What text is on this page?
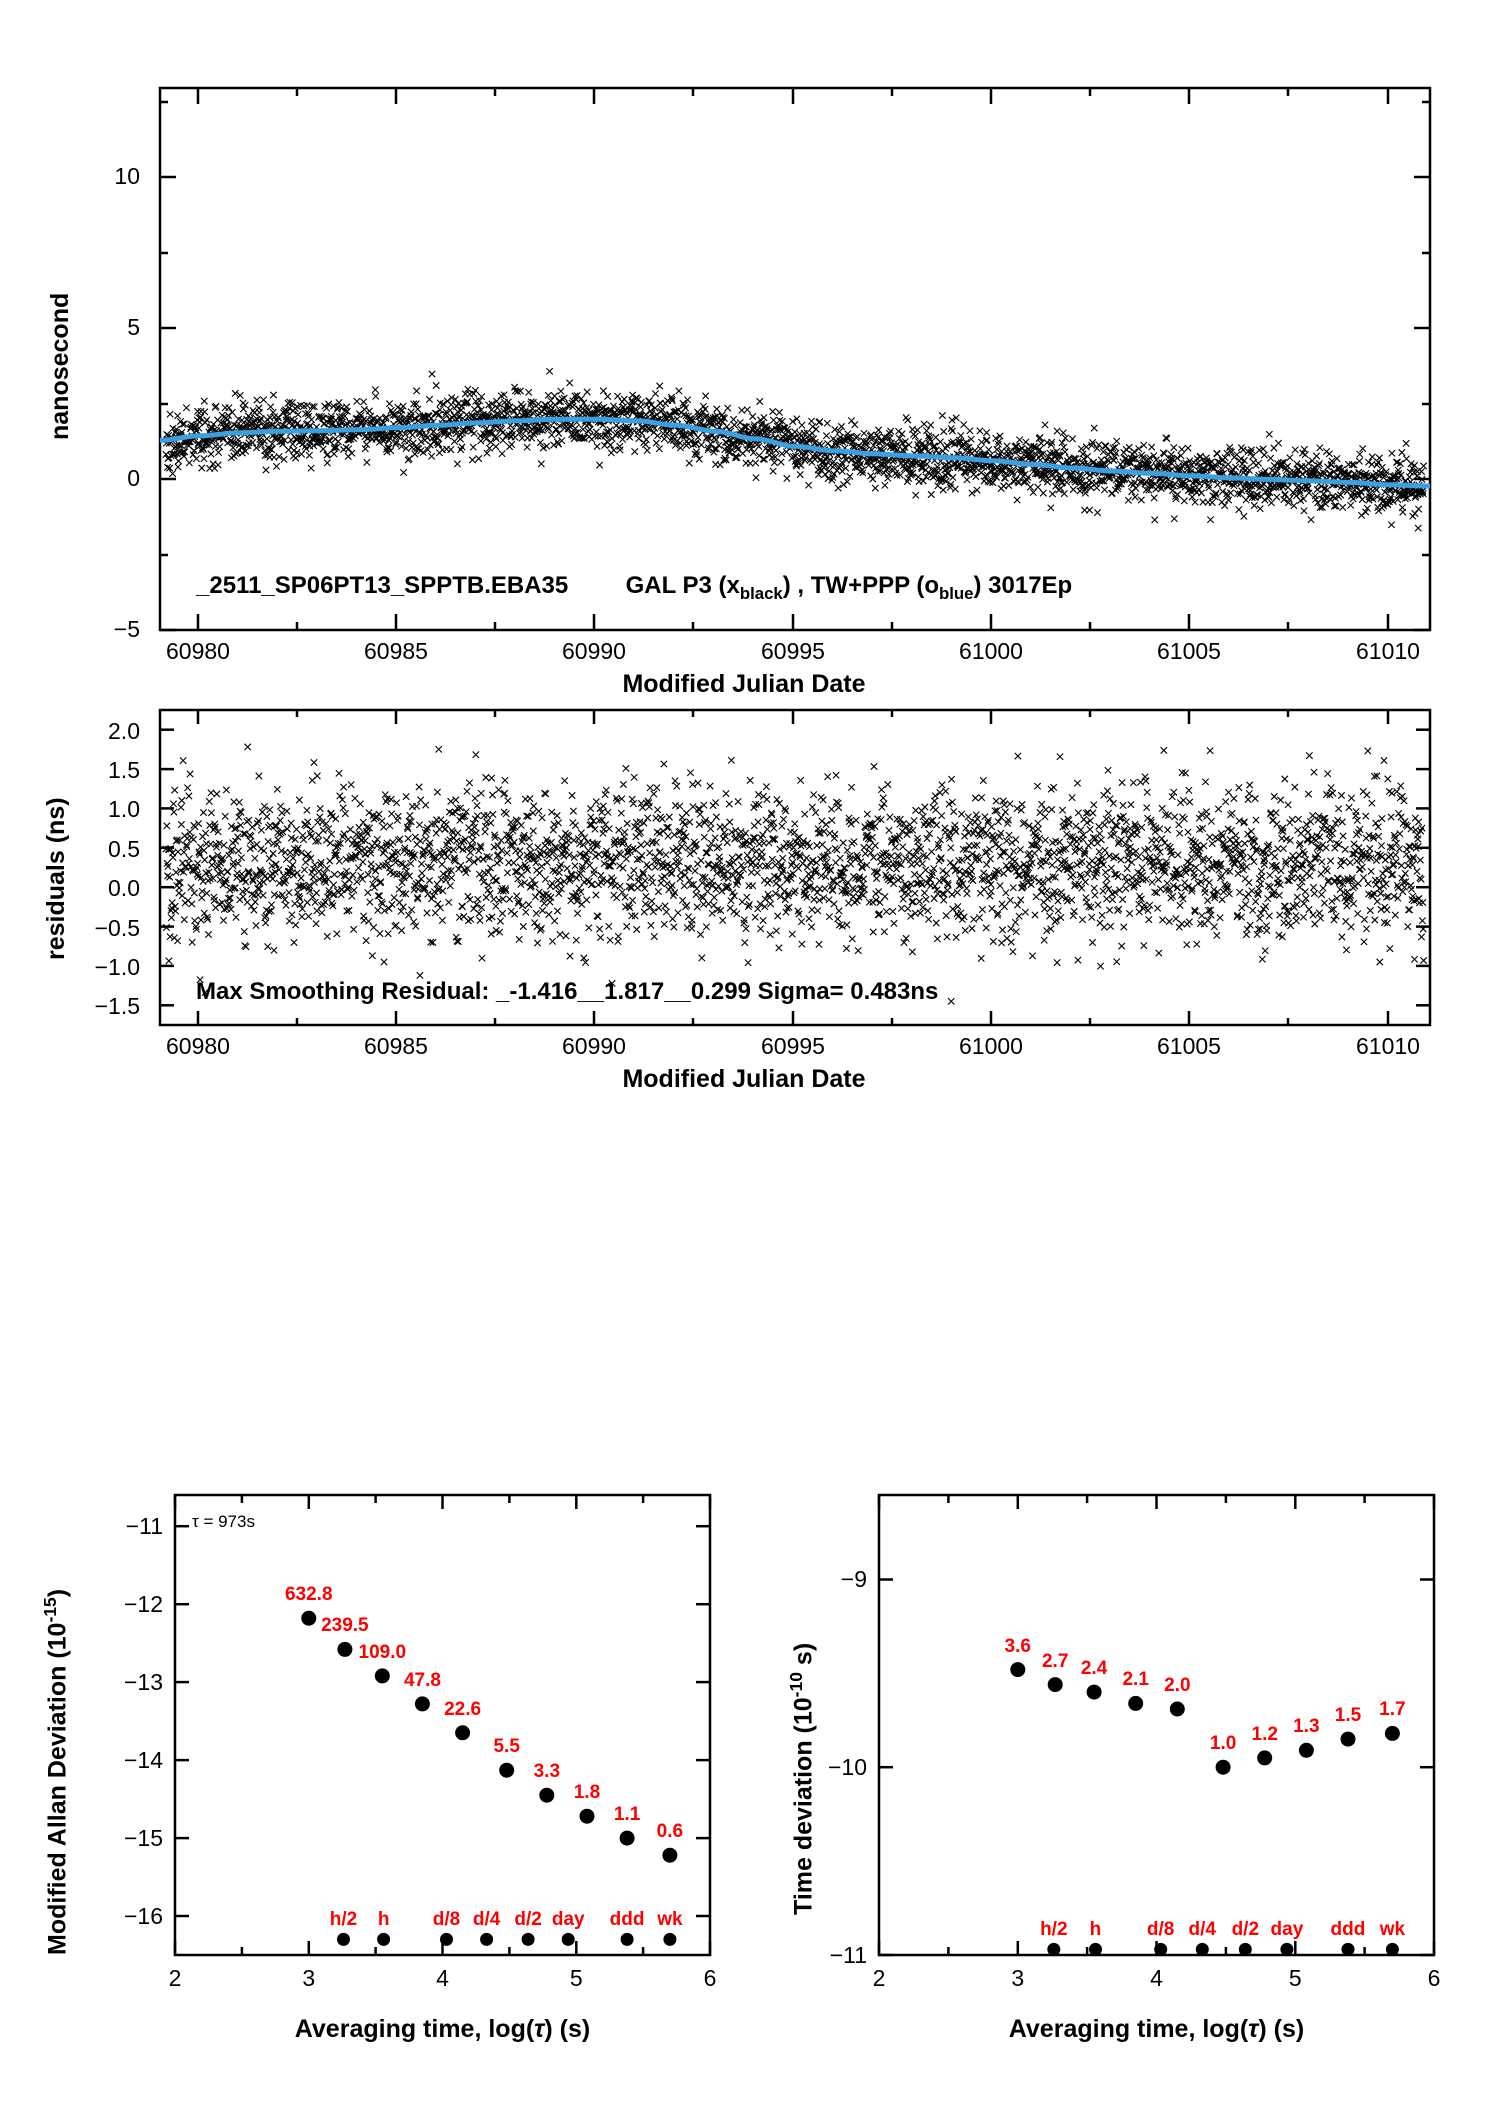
60980	60985	60990	60995	61000	61005	61010
10
5
0
−5
nanosecond
Modified Julian Date
_2511_SP06PT13_SPPTB.EBA35 GAL P3 $(x_{black})$ , TW+PPP $(o_{blue})$ 3017Ep
60980	60985	60990	60995	61000	61005	61010
2.0
1.5
1.0
0.5
0.0
−0.5
−1.0
−1.5
residuals (ns)
Modified Julian Date
Max Smoothing Residual: _-1.416__1.817__0.299 Sigma= 0.483ns
2	3	4	5	6
−11
−12
−13
−14
−15
−16
632.8
239.5
109.0
47.8
22.6
5.5
3.3
1.8
1.1
0.6
h/2	h	d/8 d/4 d/2 day	ddd wk
τ = 973s
Modified Allan Deviation $(10^{-15})$
Averaging time, log(τ) (s)
2	3	4	5	6
−9
−10
−11
3.6
2.7 2.4
2.1 2.0
1.0 1.2 1.3
1.5 1.7
h/2	h	d/8 d/4 d/2 day	ddd wk
Time deviation ($10^{-10}$ s)
Averaging time, log(τ) (s)
